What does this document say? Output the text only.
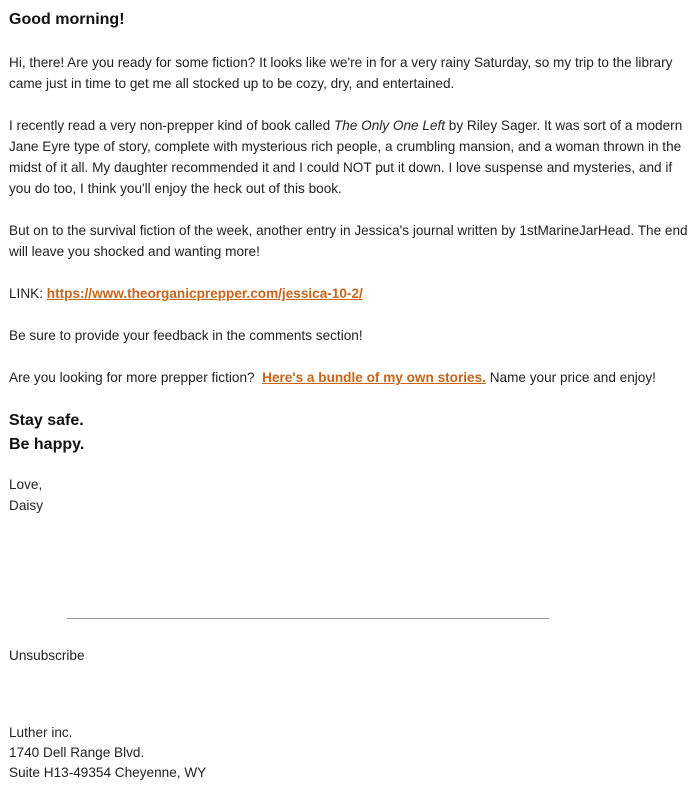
Good morning!

Hi, there! Are you ready for some fiction? It looks like we're in for a very rainy Saturday, so my trip to the library came just in time to get me all stocked up to be cozy, dry, and entertained.

I recently read a very non-prepper kind of book called The Only One Left by Riley Sager. It was sort of a modern Jane Eyre type of story, complete with mysterious rich people, a crumbling mansion, and a woman thrown in the midst of it all. My daughter recommended it and I could NOT put it down. I love suspense and mysteries, and if you do too, I think you'll enjoy the heck out of this book.

But on to the survival fiction of the week, another entry in Jessica's journal written by 1stMarineJarHead. The end will leave you shocked and wanting more!

LINK: https://www.theorganicprepper.com/jessica-10-2/

Be sure to provide your feedback in the comments section!

Are you looking for more prepper fiction?  Here's a bundle of my own stories. Name your price and enjoy!

Stay safe.
Be happy.
Love,
Daisy
Unsubscribe
Luther inc.
1740 Dell Range Blvd.
Suite H13-49354 Cheyenne, WY
